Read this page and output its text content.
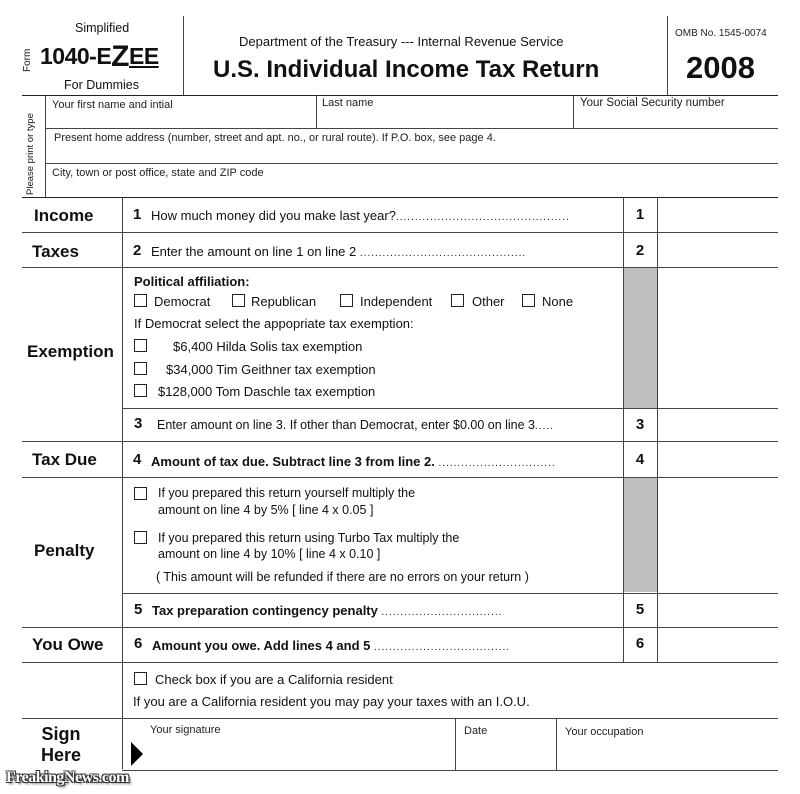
Form
Simplified
1040-EZEE
For Dummies
Department of the Treasury --- Internal Revenue Service
U.S. Individual Income Tax Return
OMB No. 1545-0074
2008
Please print or type
Your first name and intial	Last name	Your Social Security number
Present home address (number, street and apt. no., or rural route). If P.O. box, see page 4.
City, town or post office, state and ZIP code
Income	1 How much money did you make last year?..............................................	1
Taxes	2 Enter the amount on line 1 on line 2 ............................................	2
Exemption
Political affiliation:
Democrat	Republican	Independent	Other	None
If Democrat select the appopriate tax exemption:
$6,400 Hilda Solis tax exemption
$34,000 Tim Geithner tax exemption
$128,000 Tom Daschle tax exemption
3 Enter amount on line 3. If other than Democrat, enter $0.00 on line 3.....	3
Tax Due 4 Amount of tax due. Subtract line 3 from line 2. ...............................	4
Penalty
If you prepared this return yourself multiply the
amount on line 4 by 5% [ line 4 x 0.05 ]
If you prepared this return using Turbo Tax multiply the
amount on line 4 by 10% [ line 4 x 0.10 ]
( This amount will be refunded if there are no errors on your return )
5 Tax preparation contingency penalty ................................	5
You Owe 6 Amount you owe. Add lines 4 and 5 ....................................	6
Check box if you are a California resident
If you are a California resident you may pay your taxes with an I.O.U.
Sign
Here
Your signature	Date	Your occupation
FreakingNews.com
